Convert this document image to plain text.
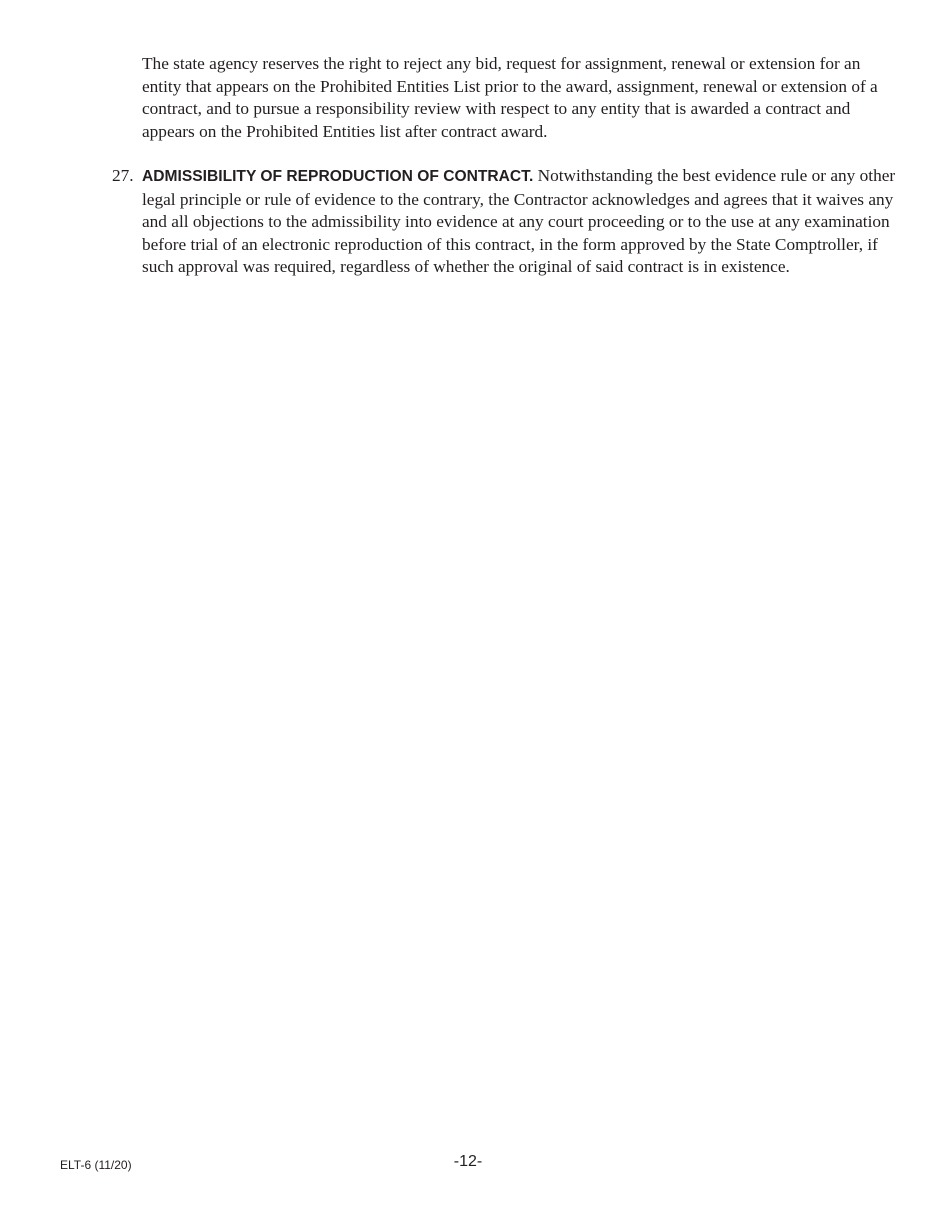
The state agency reserves the right to reject any bid, request for assignment, renewal or extension for an entity that appears on the Prohibited Entities List prior to the award, assignment, renewal or extension of a contract, and to pursue a responsibility review with respect to any entity that is awarded a contract and appears on the Prohibited Entities list after contract award.

27. ADMISSIBILITY OF REPRODUCTION OF CONTRACT. Notwithstanding the best evidence rule or any other legal principle or rule of evidence to the contrary, the Contractor acknowledges and agrees that it waives any and all objections to the admissibility into evidence at any court proceeding or to the use at any examination before trial of an electronic reproduction of this contract, in the form approved by the State Comptroller, if such approval was required, regardless of whether the original of said contract is in existence.
ELT-6 (11/20)	-12-
